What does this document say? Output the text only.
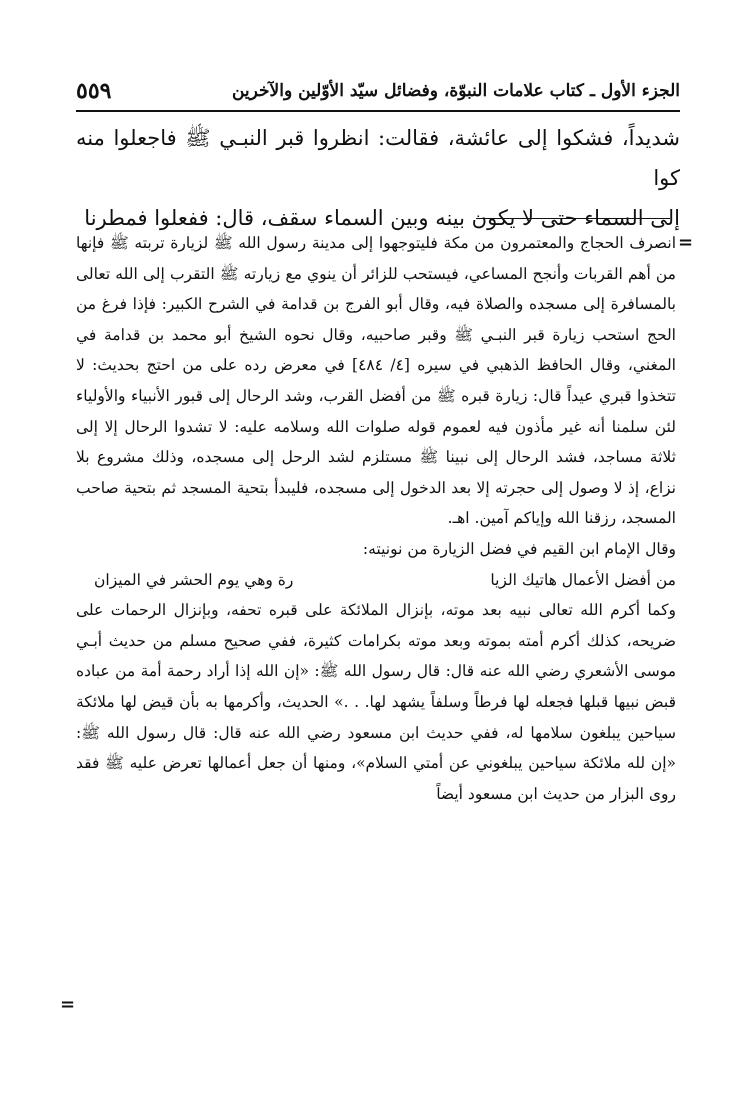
٥٥٩	الجزء الأول ـ كتاب علامات النبوّة، وفضائل سيّد الأوّلين والآخرين

شديداً، فشكوا إلى عائشة، فقالت: انظروا قبر النبـي ﷺ فاجعلوا منه كوا

إلى السماء حتى لا يكون بينه وبين السماء سقف، قال: ففعلوا فمطرنا

=

انصرف الحجاج والمعتمرون من مكة فليتوجهوا إلى مدينة رسول الله ﷺ لزيارة تربته ﷺ فإنها من أهم القربات وأنجح المساعي، فيستحب للزائر أن ينوي مع زيارته ﷺ التقرب إلى الله تعالى بالمسافرة إلى مسجده والصلاة فيه، وقال أبو الفرج بن قدامة في الشرح الكبير: فإذا فرغ من الحج استحب زيارة قبر النبـي ﷺ وقبر صاحبيه، وقال نحوه الشيخ أبو محمد بن قدامة في المغني، وقال الحافظ الذهبي في سيره [٤/ ٤٨٤] في معرض رده على من احتج بحديث: لا تتخذوا قبري عيداً قال: زيارة قبره ﷺ من أفضل القرب، وشد الرحال إلى قبور الأنبياء والأولياء لئن سلمنا أنه غير مأذون فيه لعموم قوله صلوات الله وسلامه عليه: لا تشدوا الرحال إلا إلى ثلاثة مساجد، فشد الرحال إلى نبينا ﷺ مستلزم لشد الرحل إلى مسجده، وذلك مشروع بلا نزاع، إذ لا وصول إلى حجرته إلا بعد الدخول إلى مسجده، فليبدأ بتحية المسجد ثم بتحية صاحب المسجد، رزقنا الله وإياكم آمين. اهـ.

وقال الإمام ابن القيم في فضل الزيارة من نونيته:

من أفضل الأعمال هاتيك الزيا
رة وهي يوم الحشر في الميزان

وكما أكرم الله تعالى نبيه بعد موته، بإنزال الملائكة على قبره تحفه، وبإنزال الرحمات على ضريحه، كذلك أكرم أمته بموته وبعد موته بكرامات كثيرة، ففي صحيح مسلم من حديث أبـي موسى الأشعري رضي الله عنه قال: قال رسول الله ﷺ: «إن الله إذا أراد رحمة أمة من عباده قبض نبيها قبلها فجعله لها فرطاً وسلفاً يشهد لها. . .» الحديث، وأكرمها به بأن قيض لها ملائكة سياحين يبلغون سلامها له، ففي حديث ابن مسعود رضي الله عنه قال: قال رسول الله ﷺ: «إن لله ملائكة سياحين يبلغوني عن أمتي السلام»، ومنها أن جعل أعمالها تعرض عليه ﷺ فقد روى البزار من حديث ابن مسعود أيضاً

=
